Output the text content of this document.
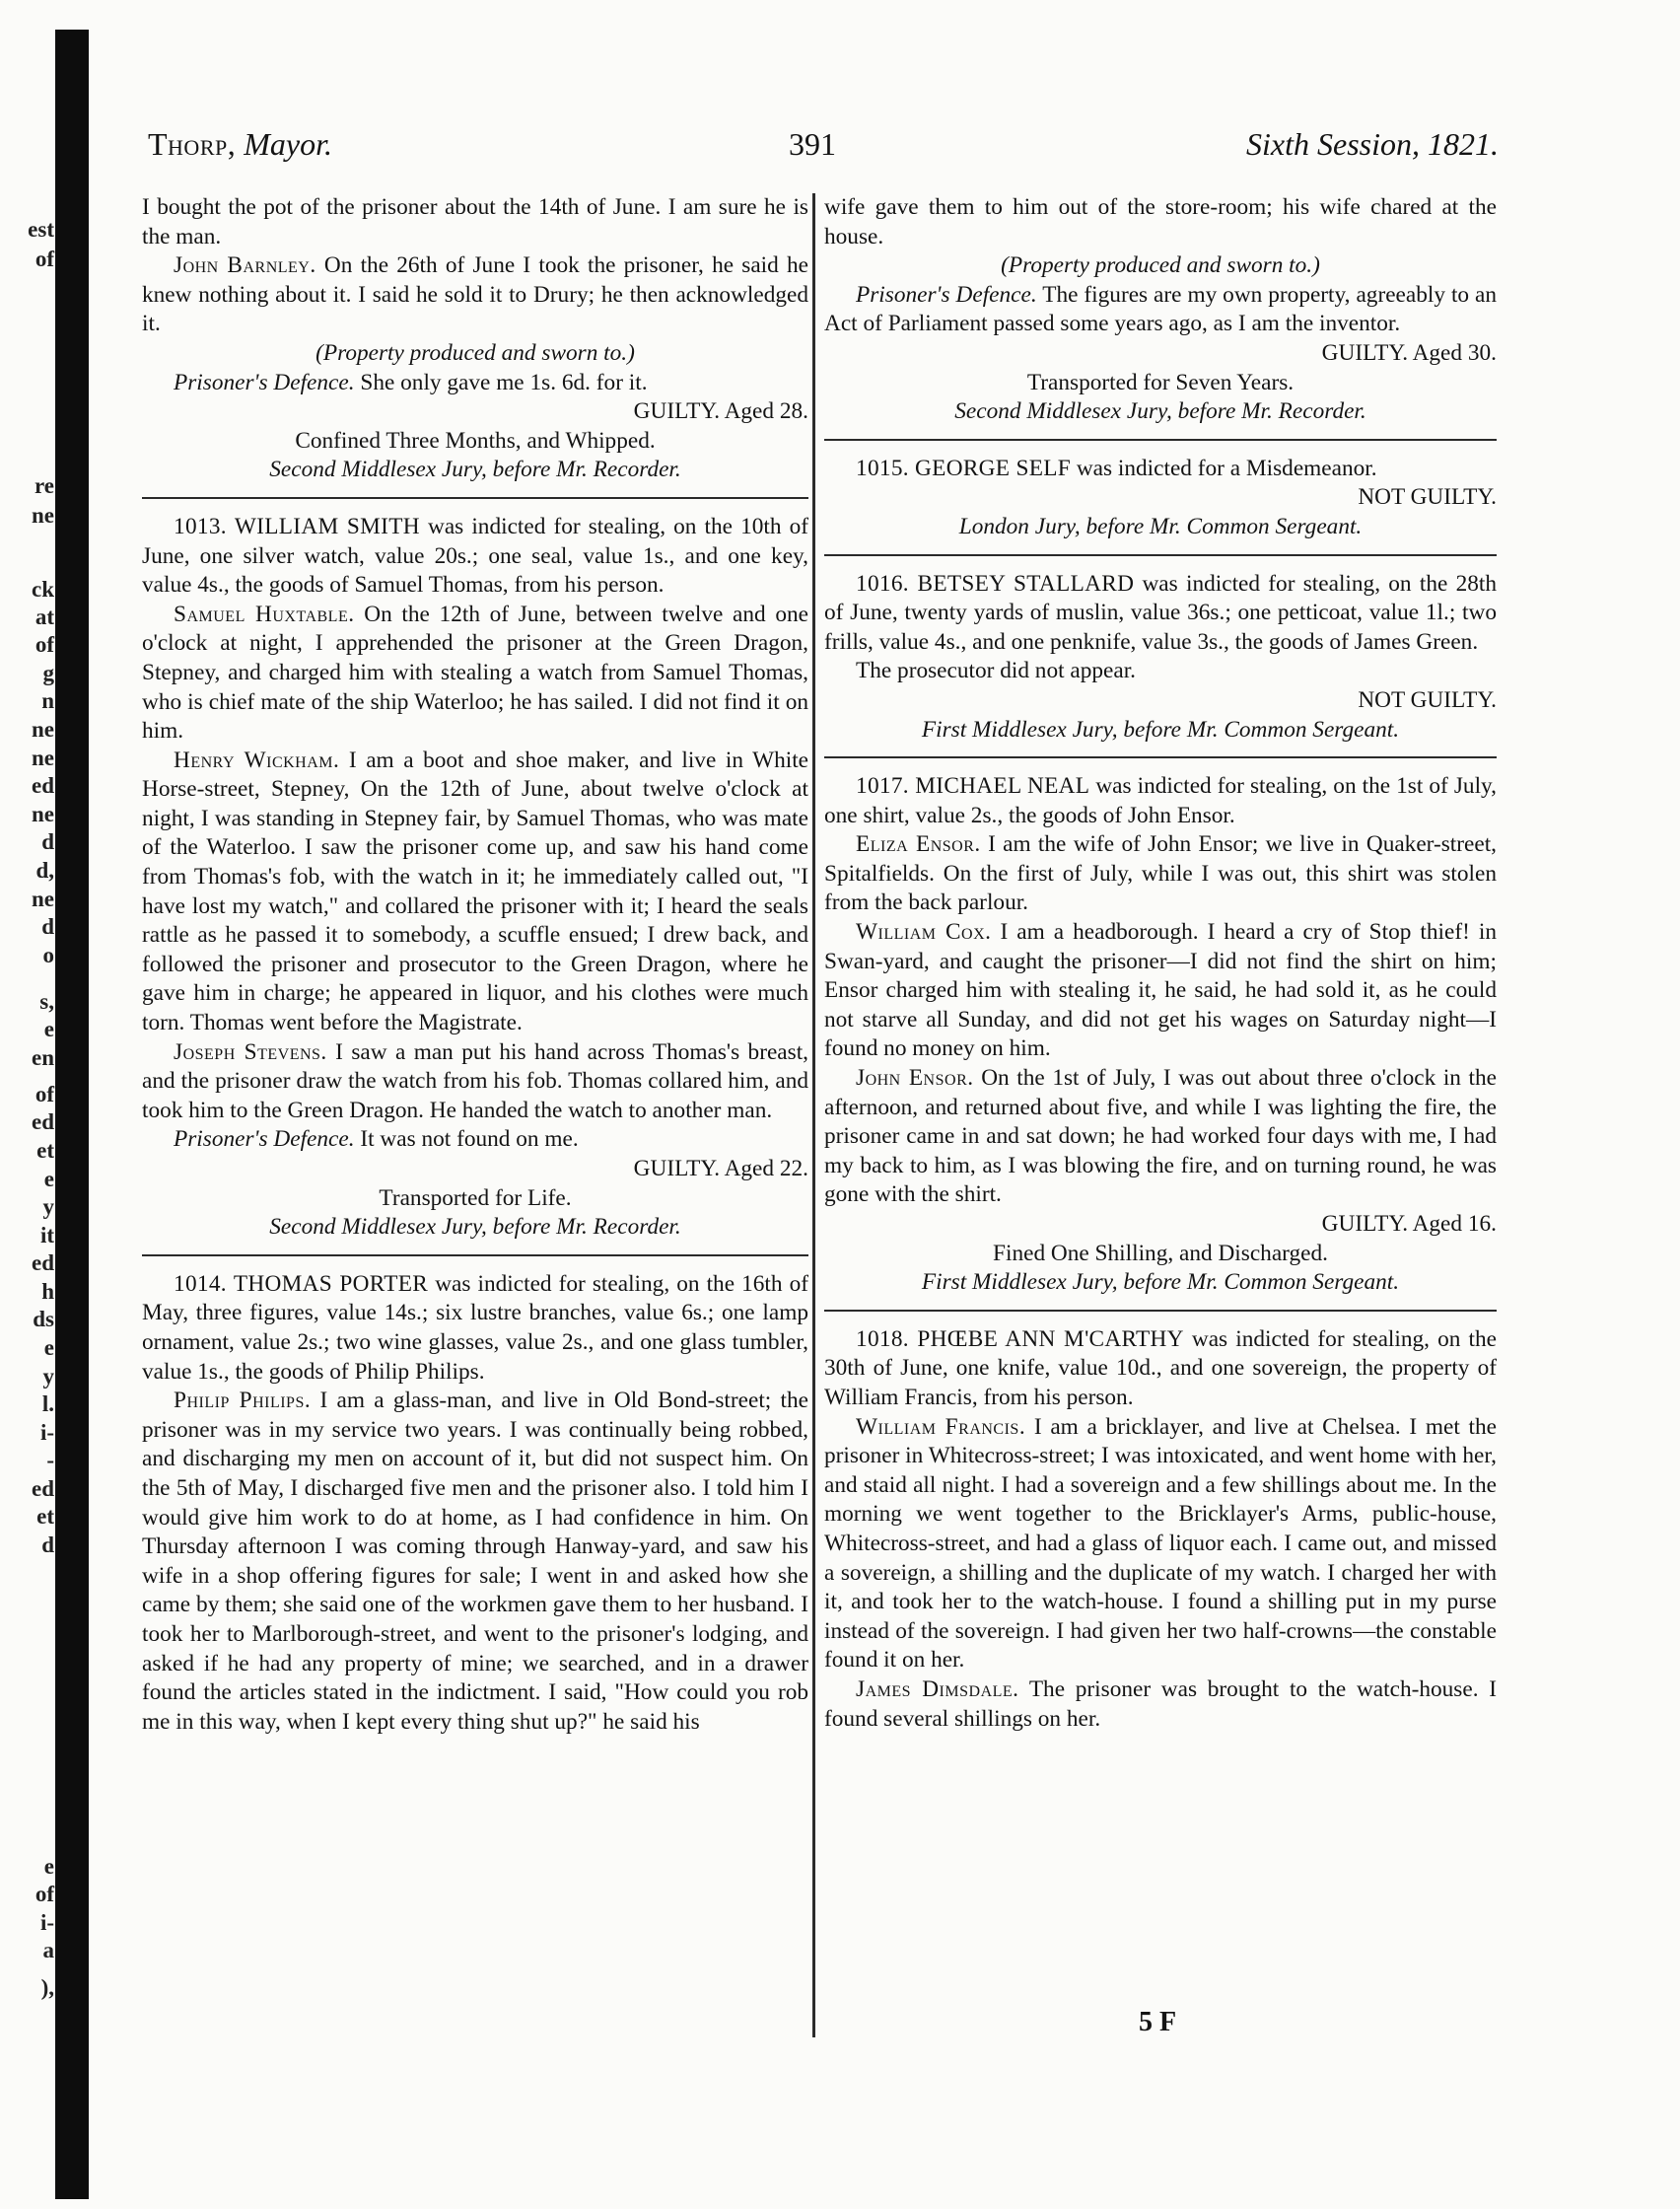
est
of
re
ne
ck
at
of
g
n
ne
ne
ed
ne
d
d,
ne
d
o
s,
e
en
of
ed
et
e
y
it
ed
h
ds
e
y
l.
i-
-
ed
et
d
e
of
i-
a
),
Thorp, Mayor.	391	Sixth Session, 1821.

I bought the pot of the prisoner about the 14th of June. I am sure he is the man.

John Barnley. On the 26th of June I took the prisoner, he said he knew nothing about it. I said he sold it to Drury; he then acknowledged it.

(Property produced and sworn to.)

Prisoner's Defence. She only gave me 1s. 6d. for it.

GUILTY. Aged 28.

Confined Three Months, and Whipped.

Second Middlesex Jury, before Mr. Recorder.

1013. WILLIAM SMITH was indicted for stealing, on the 10th of June, one silver watch, value 20s.; one seal, value 1s., and one key, value 4s., the goods of Samuel Thomas, from his person.

Samuel Huxtable. On the 12th of June, between twelve and one o'clock at night, I apprehended the prisoner at the Green Dragon, Stepney, and charged him with stealing a watch from Samuel Thomas, who is chief mate of the ship Waterloo; he has sailed. I did not find it on him.

Henry Wickham. I am a boot and shoe maker, and live in White Horse-street, Stepney, On the 12th of June, about twelve o'clock at night, I was standing in Stepney fair, by Samuel Thomas, who was mate of the Waterloo. I saw the prisoner come up, and saw his hand come from Thomas's fob, with the watch in it; he immediately called out, "I have lost my watch," and collared the prisoner with it; I heard the seals rattle as he passed it to somebody, a scuffle ensued; I drew back, and followed the prisoner and prosecutor to the Green Dragon, where he gave him in charge; he appeared in liquor, and his clothes were much torn. Thomas went before the Magistrate.

Joseph Stevens. I saw a man put his hand across Thomas's breast, and the prisoner draw the watch from his fob. Thomas collared him, and took him to the Green Dragon. He handed the watch to another man.

Prisoner's Defence. It was not found on me.

GUILTY. Aged 22.

Transported for Life.

Second Middlesex Jury, before Mr. Recorder.

1014. THOMAS PORTER was indicted for stealing, on the 16th of May, three figures, value 14s.; six lustre branches, value 6s.; one lamp ornament, value 2s.; two wine glasses, value 2s., and one glass tumbler, value 1s., the goods of Philip Philips.

Philip Philips. I am a glass-man, and live in Old Bond-street; the prisoner was in my service two years. I was continually being robbed, and discharging my men on account of it, but did not suspect him. On the 5th of May, I discharged five men and the prisoner also. I told him I would give him work to do at home, as I had confidence in him. On Thursday afternoon I was coming through Hanway-yard, and saw his wife in a shop offering figures for sale; I went in and asked how she came by them; she said one of the workmen gave them to her husband. I took her to Marlborough-street, and went to the prisoner's lodging, and asked if he had any property of mine; we searched, and in a drawer found the articles stated in the indictment. I said, "How could you rob me in this way, when I kept every thing shut up?" he said his

wife gave them to him out of the store-room; his wife chared at the house.

(Property produced and sworn to.)

Prisoner's Defence. The figures are my own property, agreeably to an Act of Parliament passed some years ago, as I am the inventor.

GUILTY. Aged 30.

Transported for Seven Years.

Second Middlesex Jury, before Mr. Recorder.

1015. GEORGE SELF was indicted for a Misdemeanor.

NOT GUILTY.

London Jury, before Mr. Common Sergeant.

1016. BETSEY STALLARD was indicted for stealing, on the 28th of June, twenty yards of muslin, value 36s.; one petticoat, value 1l.; two frills, value 4s., and one penknife, value 3s., the goods of James Green.

The prosecutor did not appear.

NOT GUILTY.

First Middlesex Jury, before Mr. Common Sergeant.

1017. MICHAEL NEAL was indicted for stealing, on the 1st of July, one shirt, value 2s., the goods of John Ensor.

Eliza Ensor. I am the wife of John Ensor; we live in Quaker-street, Spitalfields. On the first of July, while I was out, this shirt was stolen from the back parlour.

William Cox. I am a headborough. I heard a cry of Stop thief! in Swan-yard, and caught the prisoner—I did not find the shirt on him; Ensor charged him with stealing it, he said, he had sold it, as he could not starve all Sunday, and did not get his wages on Saturday night—I found no money on him.

John Ensor. On the 1st of July, I was out about three o'clock in the afternoon, and returned about five, and while I was lighting the fire, the prisoner came in and sat down; he had worked four days with me, I had my back to him, as I was blowing the fire, and on turning round, he was gone with the shirt.

GUILTY. Aged 16.

Fined One Shilling, and Discharged.

First Middlesex Jury, before Mr. Common Sergeant.

1018. PHŒBE ANN M'CARTHY was indicted for stealing, on the 30th of June, one knife, value 10d., and one sovereign, the property of William Francis, from his person.

William Francis. I am a bricklayer, and live at Chelsea. I met the prisoner in Whitecross-street; I was intoxicated, and went home with her, and staid all night. I had a sovereign and a few shillings about me. In the morning we went together to the Bricklayer's Arms, public-house, Whitecross-street, and had a glass of liquor each. I came out, and missed a sovereign, a shilling and the duplicate of my watch. I charged her with it, and took her to the watch-house. I found a shilling put in my purse instead of the sovereign. I had given her two half-crowns—the constable found it on her.

James Dimsdale. The prisoner was brought to the watch-house. I found several shillings on her.

5 F
